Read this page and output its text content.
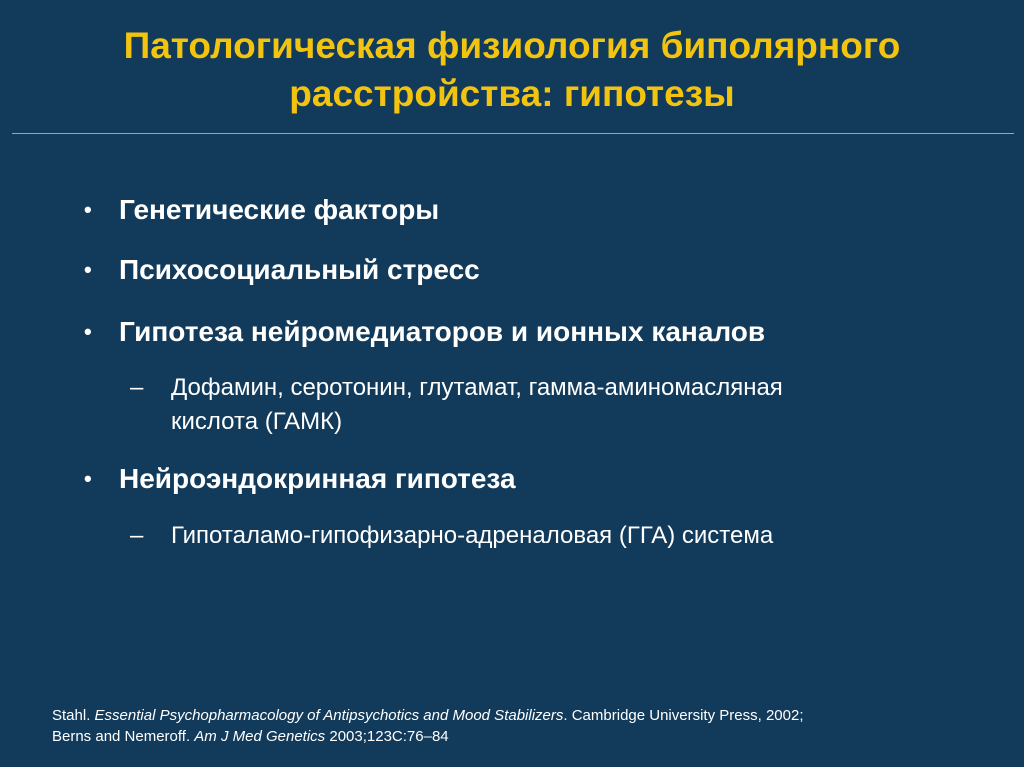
Патологическая физиология биполярного
расстройства: гипотезы
• Генетические факторы
• Психосоциальный стресс
• Гипотеза нейромедиаторов и ионных каналов
– Дофамин, серотонин, глутамат, гамма-аминомасляная
кислота (ГАМК)
• Нейроэндокринная гипотеза
– Гипоталамо-гипофизарно-адреналовая (ГГА) система
Stahl. Essential Psychopharmacology of Antipsychotics and Mood Stabilizers. Cambridge University Press, 2002;
Berns and Nemeroff. Am J Med Genetics 2003;123C:76–84
